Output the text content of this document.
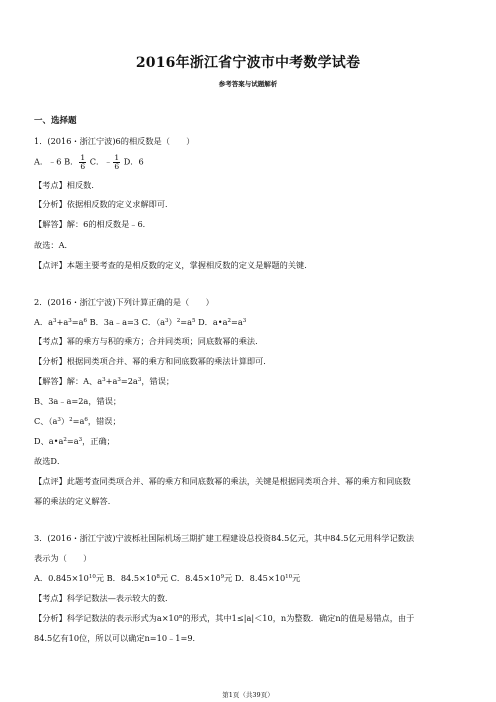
2016年浙江省宁波市中考数学试卷
参考答案与试题解析
一、选择题
1．(2016・浙江宁波)6的相反数是（　　）
A．﹣6 B． $\frac{1}{6}$ C．﹣ $\frac{1}{6}$ D．6
【考点】相反数．
【分析】依据相反数的定义求解即可．
【解答】解：6的相反数是﹣6．
故选：A．
【点评】本题主要考查的是相反数的定义，掌握相反数的定义是解题的关键．
2．(2016・浙江宁波)下列计算正确的是（　　）
A．$a^3+a^3=a^6$ B．3a﹣a=3 C．$(a^3)^2=a^5$ D．$a•a^2=a^3$
【考点】幂的乘方与积的乘方；合并同类项；同底数幂的乘法．
【分析】根据同类项合并、幂的乘方和同底数幂的乘法计算即可．
【解答】解：A、$a^3+a^3=2a^3$，错误；
B、3a﹣a=2a，错误；
C、$(a^3)^2=a^6$，错误；
D、$a•a^2=a^3$，正确；
故选D．
【点评】此题考查同类项合并、幂的乘方和同底数幂的乘法，关键是根据同类项合并、幂的乘方和同底数
幂的乘法的定义解答．
3．(2016・浙江宁波)宁波栎社国际机场三期扩建工程建设总投资84.5亿元，其中84.5亿元用科学记数法
表示为（　　）
A．$0.845\times 10^{10}$元 B．$84.5\times 10^8$元 C．$8.45\times 10^9$元 D．$8.45\times 10^{10}$元
【考点】科学记数法—表示较大的数．
【分析】科学记数法的表示形式为$a\times 10^n$的形式，其中1≤|a|＜10，n为整数．确定n的值是易错点，由于
84.5亿有10位，所以可以确定n=10﹣1=9．
第1页（共39页）
